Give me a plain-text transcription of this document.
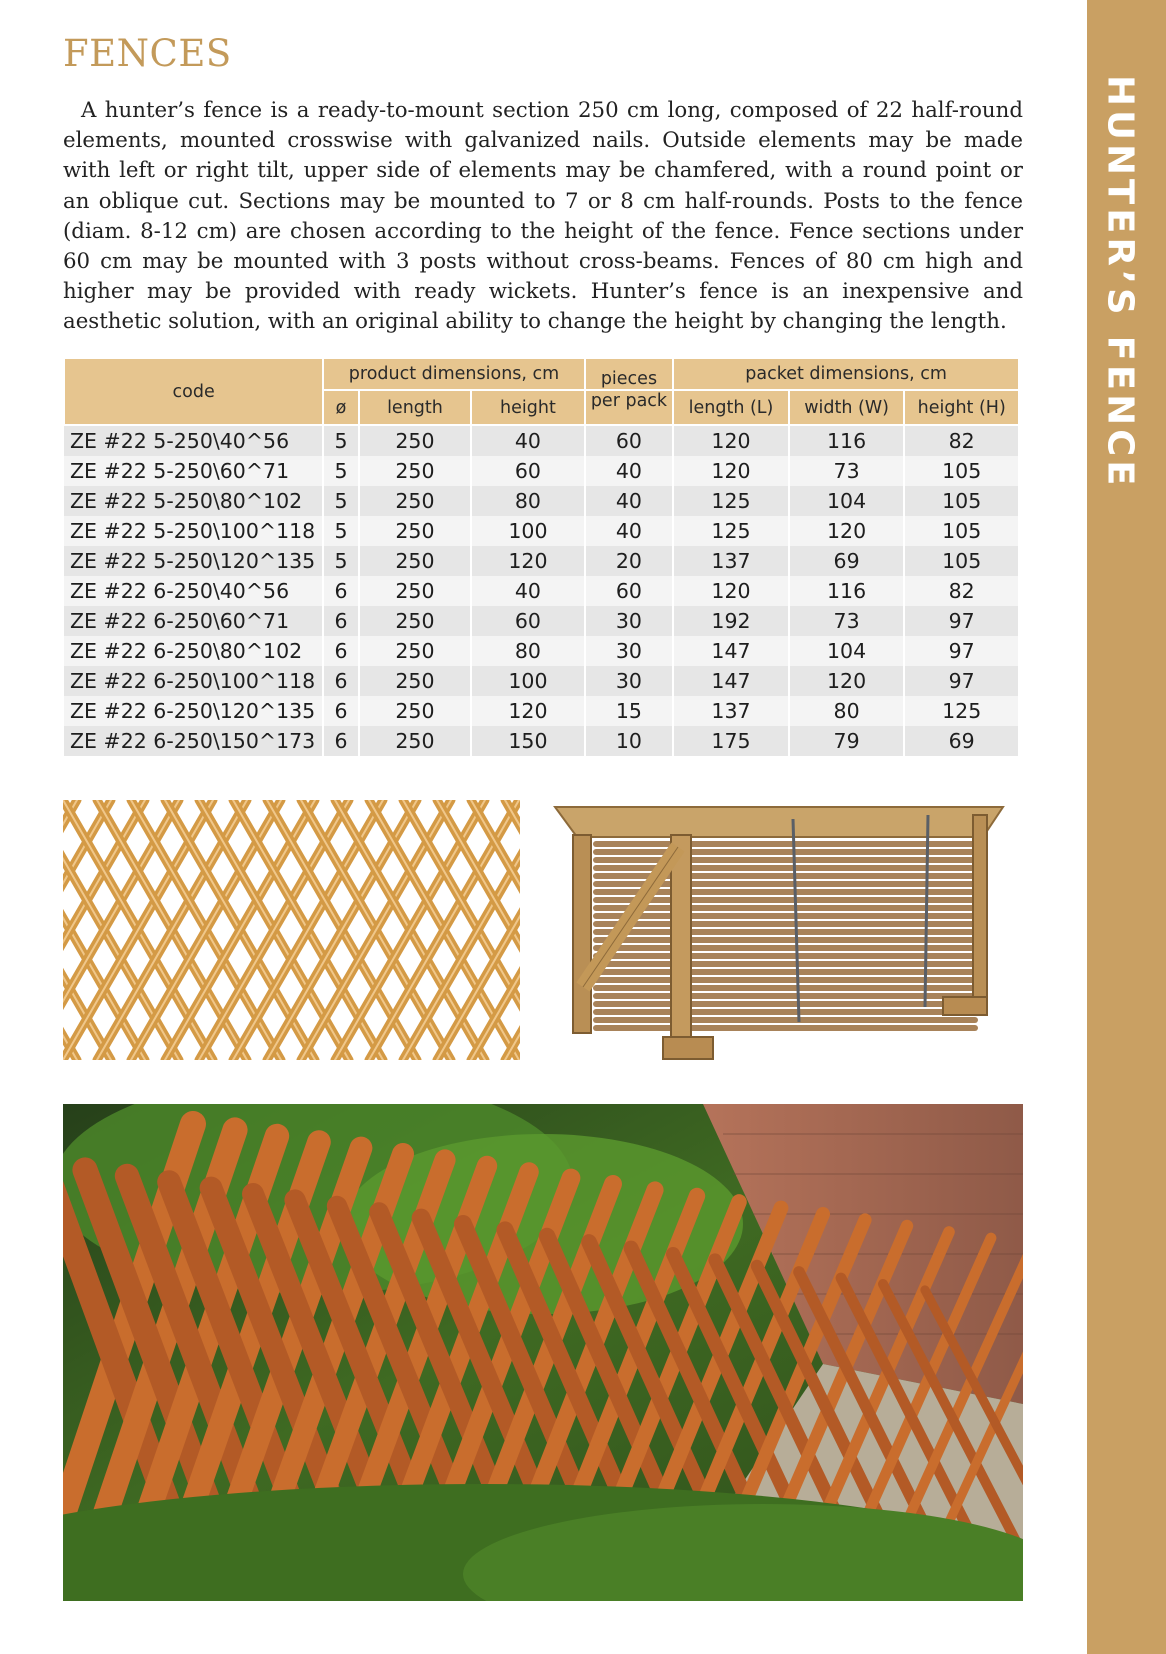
HUNTER’S FENCE
FENCES

A hunter’s fence is a ready-to-mount section 250 cm long, composed of 22 half-round elements, mounted crosswise with galvanized nails. Outside elements may be made with left or right tilt, upper side of elements may be chamfered, with a round point or an oblique cut. Sections may be mounted to 7 or 8 cm half-rounds. Posts to the fence (diam. 8-12 cm) are chosen according to the height of the fence. Fence sections under 60 cm may be mounted with 3 posts without cross-beams. Fences of 80 cm high and higher may be provided with ready wickets. Hunter’s fence is an inexpensive and aesthetic solution, with an original ability to change the height by changing the length.

code	product dimensions, cm			pieces	packet dimensions, cm		
	ø	length	height	per pack	length (L)	width (W)	height (H)
ZE #22 5-250\40^56	5	250	40	60	120	116	82
ZE #22 5-250\60^71	5	250	60	40	120	73	105
ZE #22 5-250\80^102	5	250	80	40	125	104	105
ZE #22 5-250\100^118	5	250	100	40	125	120	105
ZE #22 5-250\120^135	5	250	120	20	137	69	105
ZE #22 6-250\40^56	6	250	40	60	120	116	82
ZE #22 6-250\60^71	6	250	60	30	192	73	97
ZE #22 6-250\80^102	6	250	80	30	147	104	97
ZE #22 6-250\100^118	6	250	100	30	147	120	97
ZE #22 6-250\120^135	6	250	120	15	137	80	125
ZE #22 6-250\150^173	6	250	150	10	175	79	69
